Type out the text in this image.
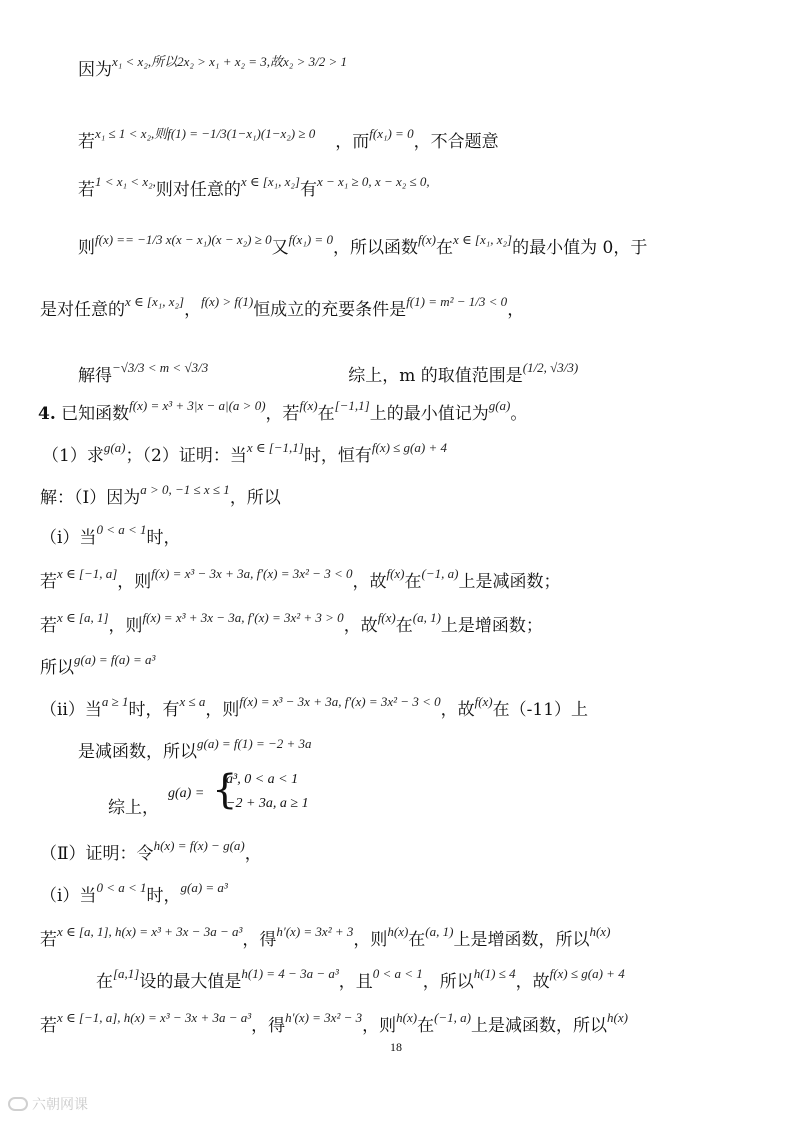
因为$^{x_1 < x_2,所以2x_2 > x_1 + x_2 = 3,故x_2 > 3/2 > 1}$
若$^{x_1 \le 1 < x_2,则f(1) = -1/3(1-x_1)(1-x_2) \ge 0}$ ，而$^{f(x_1) = 0}$，不合题意
若$^{1 < x_1 < x_2,}$则对任意的$^{x \in [x_1, x_2]}$有$^{x - x_1 \ge 0, x - x_2 \le 0,}$
则$^{f(x) == -1/3 x(x - x_1)(x - x_2) \ge 0}$又$^{f(x_1) = 0}$，所以函数$^{f(x)}$在$^{x \in [x_1, x_2]}$的最小值为 0，于
是对任意的$^{x \in [x_1, x_2]}$，$^{f(x) > f(1)}$恒成立的充要条件是$^{f(1) = m^2 - 1/3 < 0}$，
解得$^{-√3/3 < m < √3/3}$	综上，m 的取值范围是$^{(1/2, √3/3)}$
4. 已知函数$^{f(x) = x^3 + 3|x - a|(a > 0)}$，若$^{f(x)}$在[−1,1]上的最小值记为$^{g(a)}$。
（1）求$^{g(a)}$；（2）证明：当$^{x \in [-1,1]}$时，恒有$^{f(x) \le g(a) + 4}$
解：（Ⅰ）因为$^{a > 0, -1 \le x \le 1}$，所以
（ⅰ）当$^{0 < a < 1}$时，
若$^{x \in [-1, a]}$，则$^{f(x) = x^3 - 3x + 3a, f'(x) = 3x^2 - 3 < 0}$，故$^{f(x)}$在$^{(-1, a)}$上是减函数；
若$^{x \in [a, 1]}$，则$^{f(x) = x^3 + 3x - 3a, f'(x) = 3x^2 + 3 > 0}$，故$^{f(x)}$在$^{(a, 1)}$上是增函数；
所以$^{g(a) = f(a) = a^3}$
（ⅱ）当$^{a \ge 1}$时，有$^{x \le a}$，则$^{f(x) = x^3 - 3x + 3a, f'(x) = 3x^2 - 3 < 0}$，故$^{f(x)}$在（-11）上
是减函数，所以$^{g(a) = f(1) = -2 + 3a}$
综上，
g(a) = {
a³, 0 < a < 1
−2 + 3a, a ≥ 1
（Ⅱ）证明：令$^{h(x) = f(x) - g(a)}$，
（ⅰ）当$^{0 < a < 1}$时，$^{g(a) = a^3}$
若$^{x \in [a, 1], h(x) = x^3 + 3x - 3a - a^3}$，得$^{h'(x) = 3x^2 + 3}$，则$^{h(x)}$在$^{(a, 1)}$上是增函数，所以$^{h(x)}$
在[a,1]设的最大值是$^{h(1) = 4 - 3a - a^3}$，且$^{0 < a < 1}$，所以$^{h(1) \le 4}$，故$^{f(x) \le g(a) + 4}$
若$^{x \in [-1, a], h(x) = x^3 - 3x + 3a - a^3}$，得$^{h'(x) = 3x^2 - 3}$，则$^{h(x)}$在$^{(-1, a)}$上是减函数，所以$^{h(x)}$
18
六朝网课
